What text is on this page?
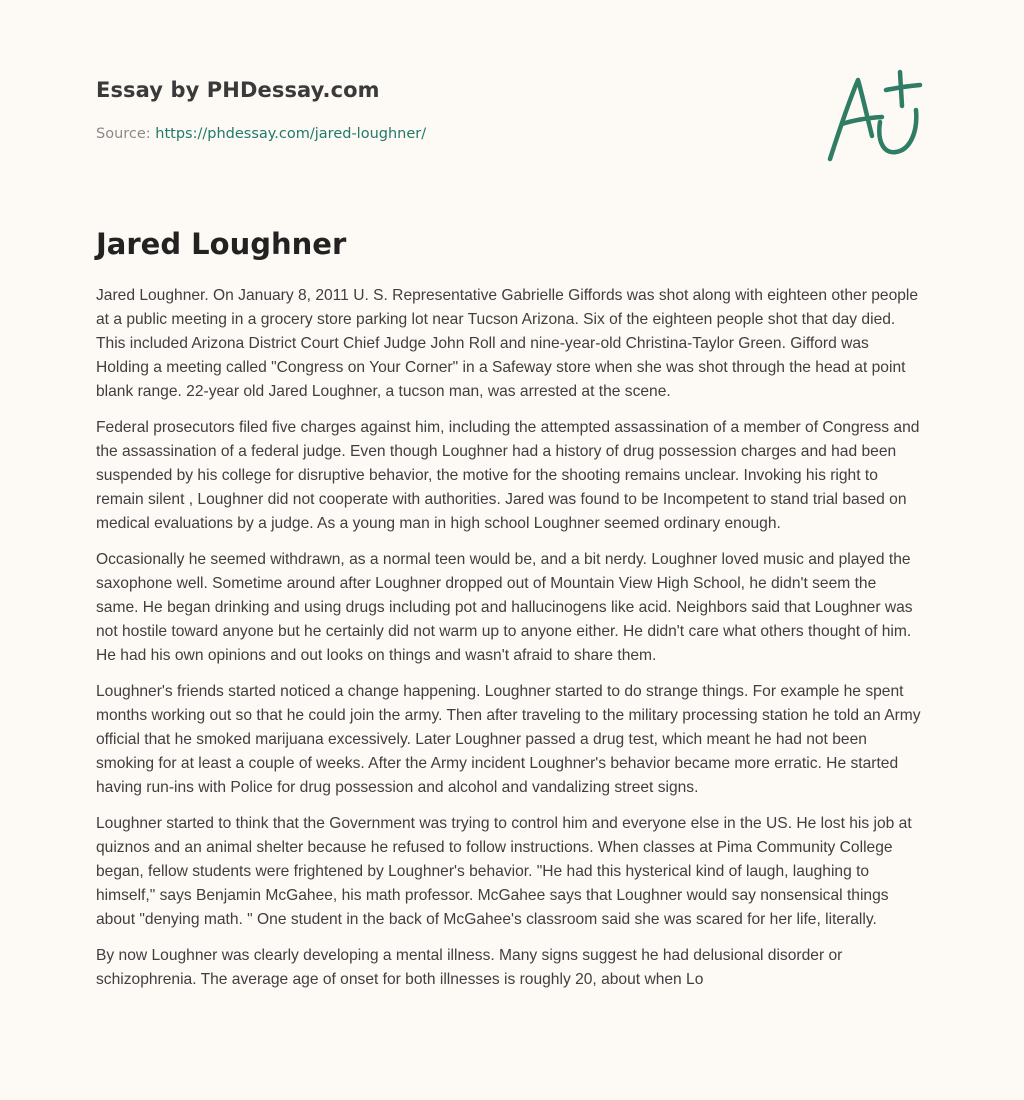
Essay by PHDessay.com
Source: https://phdessay.com/jared-loughner/
Jared Loughner

Jared Loughner. On January 8, 2011 U. S. Representative Gabrielle Giffords was shot along with eighteen other people at a public meeting in a grocery store parking lot near Tucson Arizona. Six of the eighteen people shot that day died. This included Arizona District Court Chief Judge John Roll and nine-year-old Christina-Taylor Green. Gifford was Holding a meeting called "Congress on Your Corner" in a Safeway store when she was shot through the head at point blank range. 22-year old Jared Loughner, a tucson man, was arrested at the scene.

Federal prosecutors filed five charges against him, including the attempted assassination of a member of Congress and the assassination of a federal judge. Even though Loughner had a history of drug possession charges and had been suspended by his college for disruptive behavior, the motive for the shooting remains unclear. Invoking his right to remain silent , Loughner did not cooperate with authorities. Jared was found to be Incompetent to stand trial based on medical evaluations by a judge. As a young man in high school Loughner seemed ordinary enough.

Occasionally he seemed withdrawn, as a normal teen would be, and a bit nerdy. Loughner loved music and played the saxophone well. Sometime around after Loughner dropped out of Mountain View High School, he didn't seem the same. He began drinking and using drugs including pot and hallucinogens like acid. Neighbors said that Loughner was not hostile toward anyone but he certainly did not warm up to anyone either. He didn't care what others thought of him. He had his own opinions and out looks on things and wasn't afraid to share them.

Loughner's friends started noticed a change happening. Loughner started to do strange things. For example he spent months working out so that he could join the army. Then after traveling to the military processing station he told an Army official that he smoked marijuana excessively. Later Loughner passed a drug test, which meant he had not been smoking for at least a couple of weeks. After the Army incident Loughner's behavior became more erratic. He started having run-ins with Police for drug possession and alcohol and vandalizing street signs.

Loughner started to think that the Government was trying to control him and everyone else in the US. He lost his job at quiznos and an animal shelter because he refused to follow instructions. When classes at Pima Community College began, fellow students were frightened by Loughner's behavior. "He had this hysterical kind of laugh, laughing to himself," says Benjamin McGahee, his math professor. McGahee says that Loughner would say nonsensical things about "denying math. " One student in the back of McGahee's classroom said she was scared for her life, literally.

By now Loughner was clearly developing a mental illness. Many signs suggest he had delusional disorder or schizophrenia. The average age of onset for both illnesses is roughly 20, about when Lo
